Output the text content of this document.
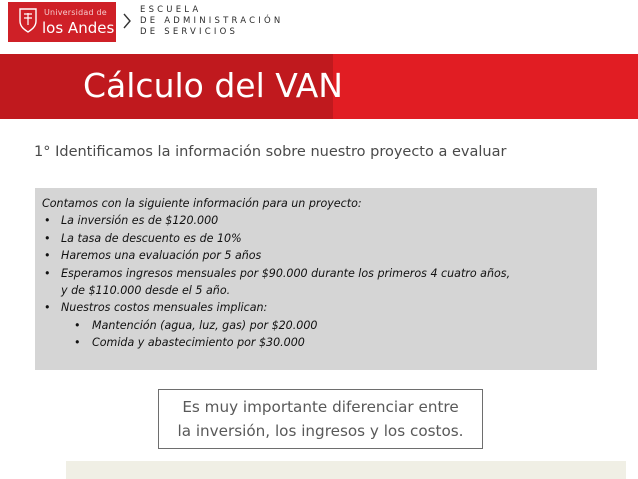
Universidad de
los Andes
ESCUELA
DE ADMINISTRACIÓN
DE SERVICIOS
Cálculo del VAN
1° Identificamos la información sobre nuestro proyecto a evaluar
Contamos con la siguiente información para un proyecto:
• La inversión es de $120.000
• La tasa de descuento es de 10%
• Haremos una evaluación por 5 años
• Esperamos ingresos mensuales por $90.000 durante los primeros 4 cuatro años,
y de $110.000 desde el 5 año.
• Nuestros costos mensuales implican:
• Mantención (agua, luz, gas) por $20.000
• Comida y abastecimiento por $30.000
Es muy importante diferenciar entre
la inversión, los ingresos y los costos.
